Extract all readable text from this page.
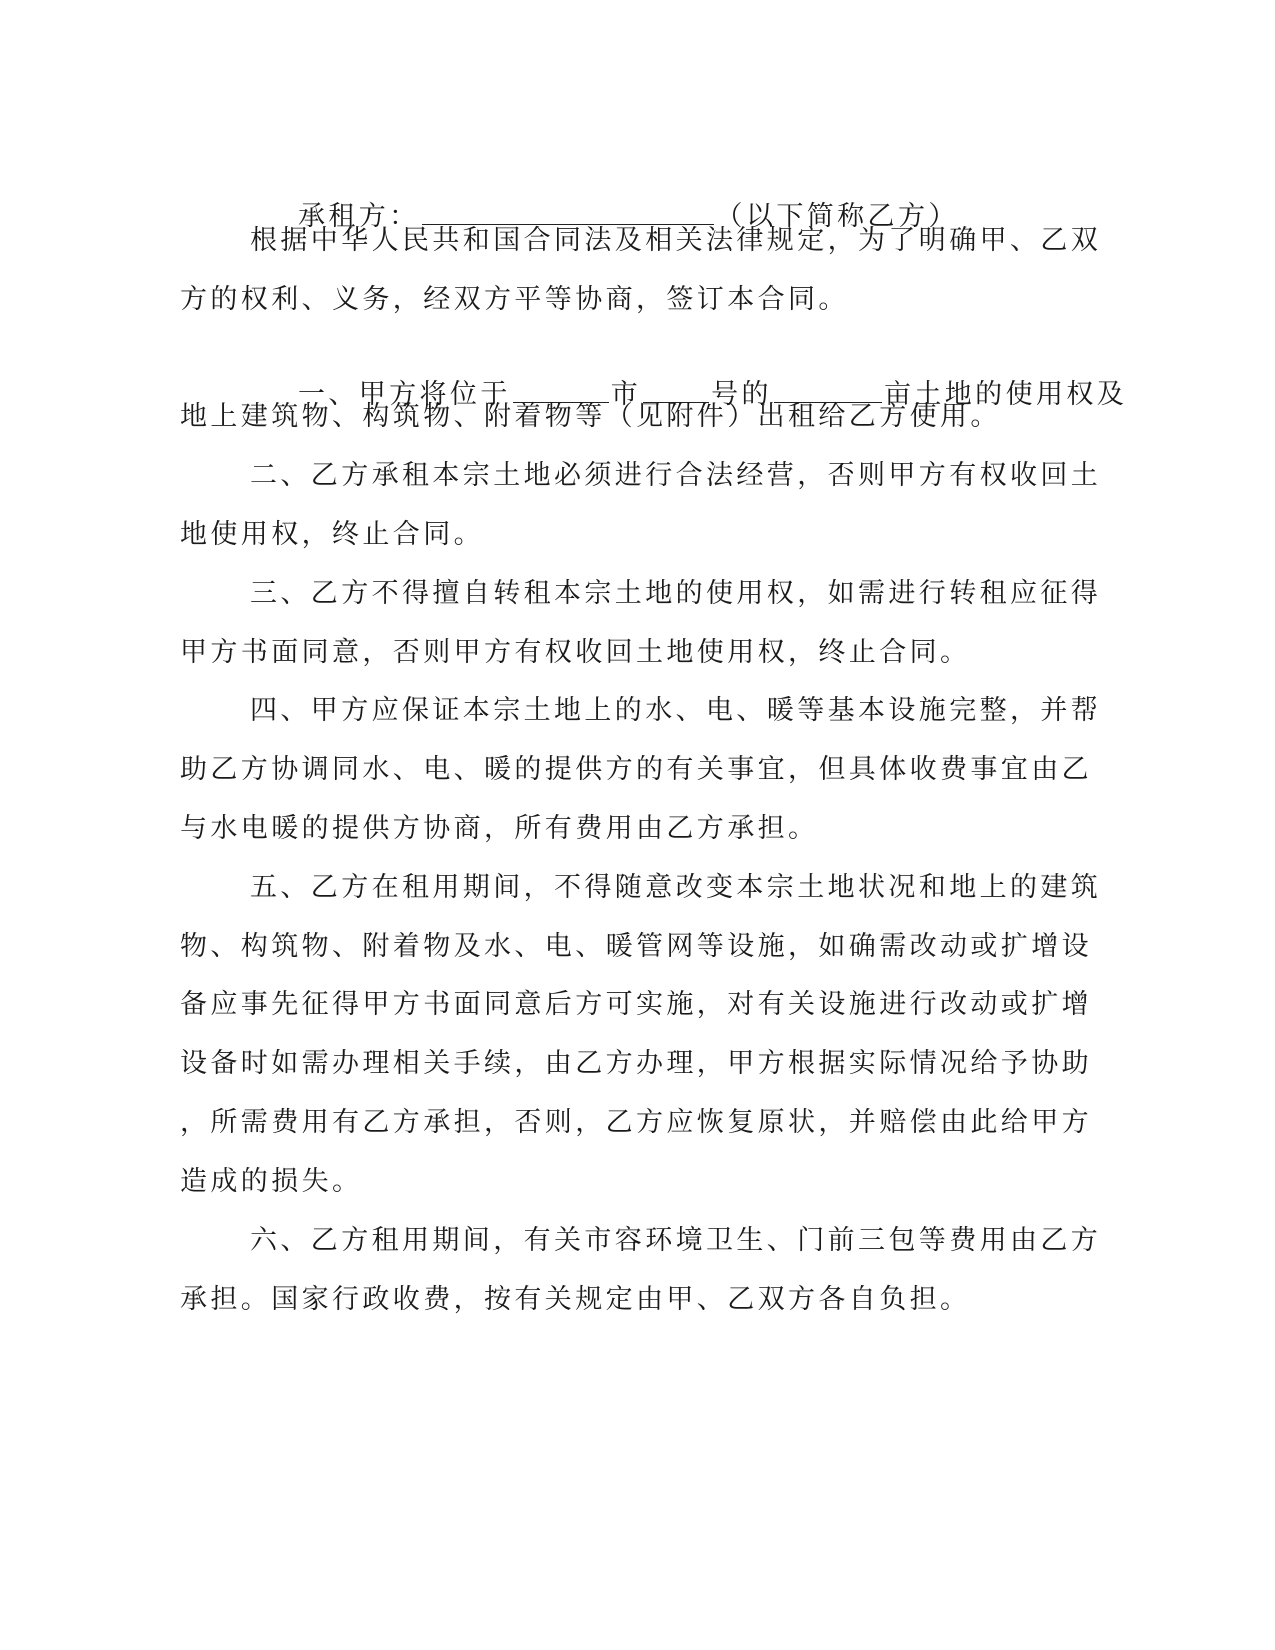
承租方：	（以下简称乙方）

根据中华人民共和国合同法及相关法律规定，为了明确甲、乙双
方的权利、义务，经双方平等协商，签订本合同。

一、甲方将位于	市	号的	亩土地的使用权及

地上建筑物、构筑物、附着物等（见附件）出租给乙方使用。
二、乙方承租本宗土地必须进行合法经营，否则甲方有权收回土
地使用权，终止合同。
三、乙方不得擅自转租本宗土地的使用权，如需进行转租应征得
甲方书面同意，否则甲方有权收回土地使用权，终止合同。
四、甲方应保证本宗土地上的水、电、暖等基本设施完整，并帮
助乙方协调同水、电、暖的提供方的有关事宜，但具体收费事宜由乙
与水电暖的提供方协商，所有费用由乙方承担。
五、乙方在租用期间，不得随意改变本宗土地状况和地上的建筑
物、构筑物、附着物及水、电、暖管网等设施，如确需改动或扩增设
备应事先征得甲方书面同意后方可实施，对有关设施进行改动或扩增
设备时如需办理相关手续，由乙方办理，甲方根据实际情况给予协助
，所需费用有乙方承担，否则，乙方应恢复原状，并赔偿由此给甲方
造成的损失。
六、乙方租用期间，有关市容环境卫生、门前三包等费用由乙方
承担。国家行政收费，按有关规定由甲、乙双方各自负担。
